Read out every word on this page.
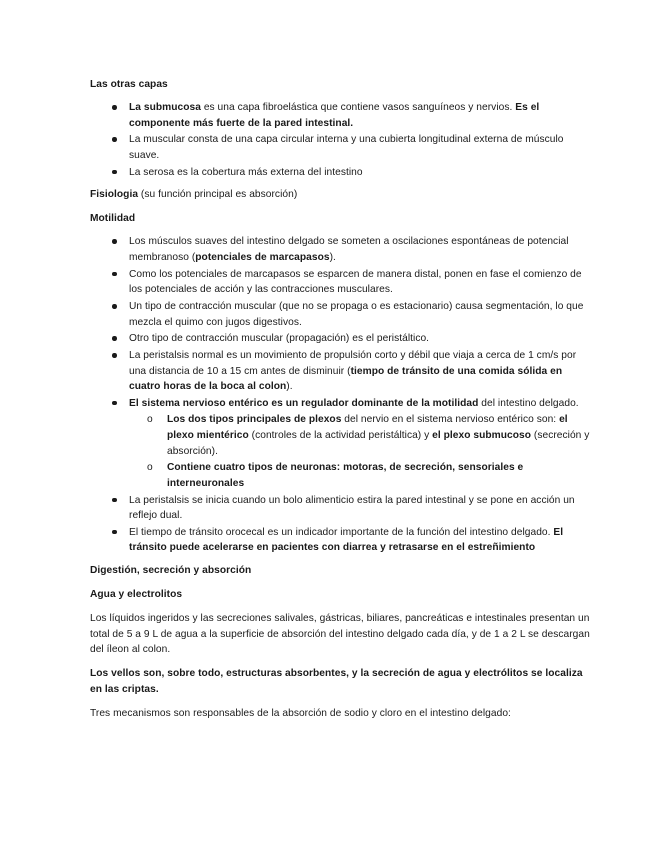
Las otras capas

La submucosa es una capa fibroelástica que contiene vasos sanguíneos y nervios. Es el componente más fuerte de la pared intestinal.
La muscular consta de una capa circular interna y una cubierta longitudinal externa de músculo suave.
La serosa es la cobertura más externa del intestino

Fisiologia (su función principal es absorción)

Motilidad

Los músculos suaves del intestino delgado se someten a oscilaciones espontáneas de potencial membranoso (potenciales de marcapasos).
Como los potenciales de marcapasos se esparcen de manera distal, ponen en fase el comienzo de los potenciales de acción y las contracciones musculares.
Un tipo de contracción muscular (que no se propaga o es estacionario) causa segmentación, lo que mezcla el quimo con jugos digestivos.
Otro tipo de contracción muscular (propagación) es el peristáltico.
La peristalsis normal es un movimiento de propulsión corto y débil que viaja a cerca de 1 cm/s por una distancia de 10 a 15 cm antes de disminuir (tiempo de tránsito de una comida sólida en cuatro horas de la boca al colon).
El sistema nervioso entérico es un regulador dominante de la motilidad del intestino delgado.
o Los dos tipos principales de plexos del nervio en el sistema nervioso entérico son: el plexo mientérico (controles de la actividad peristáltica) y el plexo submucoso (secreción y absorción).
o Contiene cuatro tipos de neuronas: motoras, de secreción, sensoriales e interneuronales
La peristalsis se inicia cuando un bolo alimenticio estira la pared intestinal y se pone en acción un reflejo dual.
El tiempo de tránsito orocecal es un indicador importante de la función del intestino delgado. El tránsito puede acelerarse en pacientes con diarrea y retrasarse en el estreñimiento

Digestión, secreción y absorción

Agua y electrolitos

Los líquidos ingeridos y las secreciones salivales, gástricas, biliares, pancreáticas e intestinales presentan un total de 5 a 9 L de agua a la superficie de absorción del intestino delgado cada día, y de 1 a 2 L se descargan del íleon al colon.

Los vellos son, sobre todo, estructuras absorbentes, y la secreción de agua y electrólitos se localiza en las criptas.

Tres mecanismos son responsables de la absorción de sodio y cloro en el intestino delgado:
